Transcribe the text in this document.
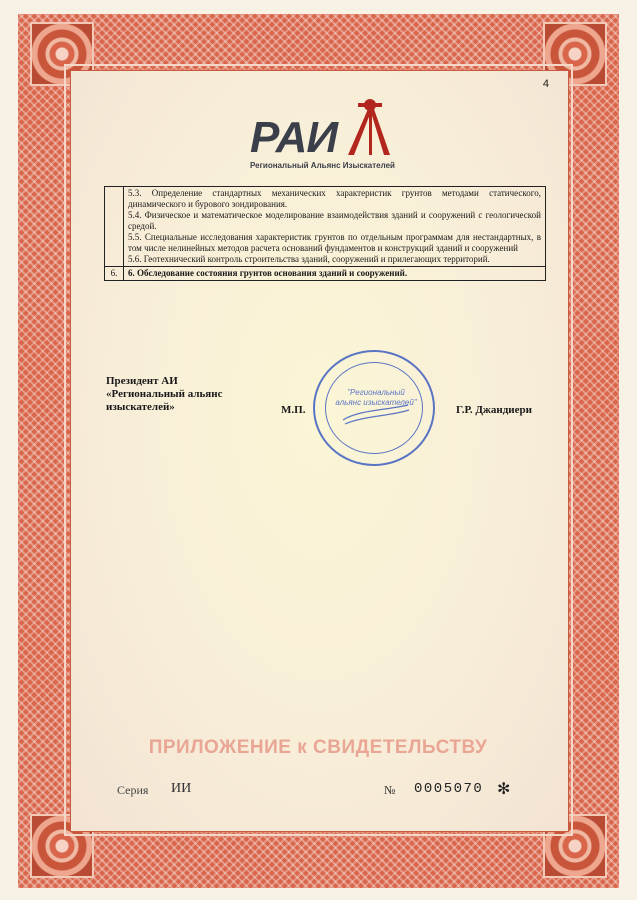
4
РАИ
Региональный Альянс Изыскателей

	5.3. Определение стандартных механических характеристик грунтов методами статического, динамического и бурового зондирования.

5.4. Физическое и математическое моделирование взаимодействия зданий и сооружений с геологической средой.

5.5. Специальные исследования характеристик грунтов по отдельным программам для нестандартных, в том числе нелинейных методов расчета оснований фундаментов и конструкций зданий и сооружений

5.6. Геотехнический контроль строительства зданий, сооружений и прилегающих территорий.

6.	6. Обследование состояния грунтов основания зданий и сооружений.

Президент АИ
«Региональный альянс
изыскателей»	М.П.
"Региональный альянс изыскателей"
Г.Р. Джандиери
ПРИЛОЖЕНИЕ к СВИДЕТЕЛЬСТВУ
Серия ИИ	№ 0005070 ✻
